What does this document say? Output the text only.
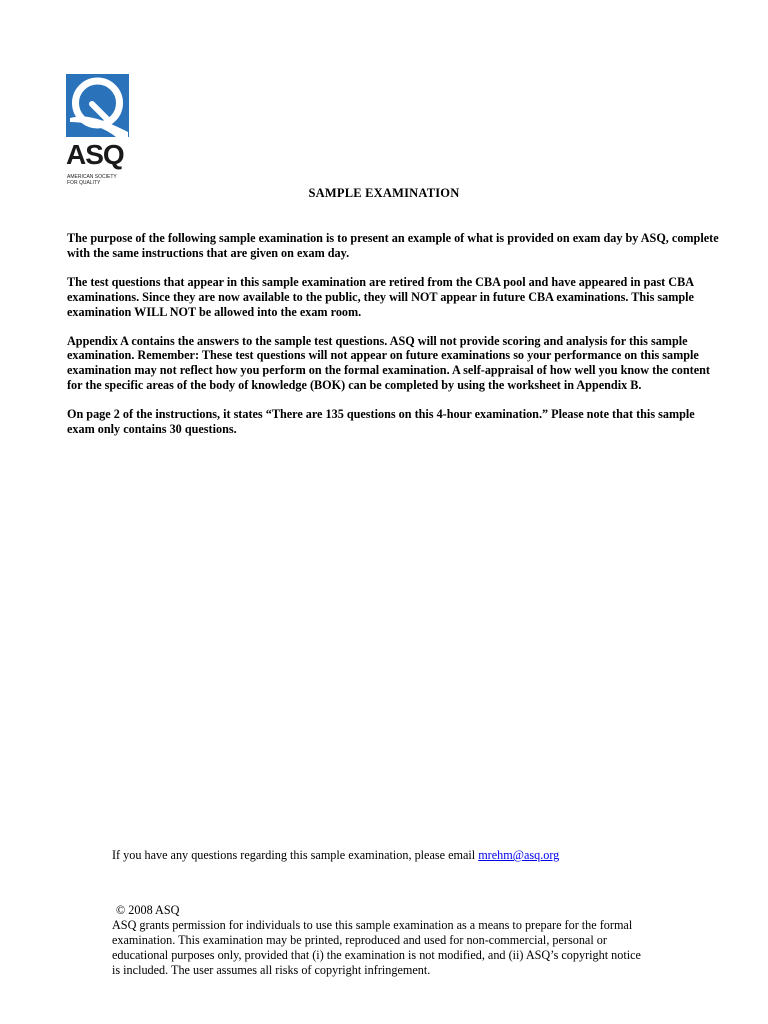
ASQ
AMERICAN SOCIETY FOR QUALITY
SAMPLE EXAMINATION

The purpose of the following sample examination is to present an example of what is provided on exam day by ASQ, complete with the same instructions that are given on exam day.

The test questions that appear in this sample examination are retired from the CBA pool and have appeared in past CBA examinations. Since they are now available to the public, they will NOT appear in future CBA examinations. This sample examination WILL NOT be allowed into the exam room.

Appendix A contains the answers to the sample test questions. ASQ will not provide scoring and analysis for this sample examination. Remember: These test questions will not appear on future examinations so your performance on this sample examination may not reflect how you perform on the formal examination. A self-appraisal of how well you know the content for the specific areas of the body of knowledge (BOK) can be completed by using the worksheet in Appendix B.

On page 2 of the instructions, it states “There are 135 questions on this 4-hour examination.” Please note that this sample exam only contains 30 questions.

If you have any questions regarding this sample examination, please email mrehm@asq.org
© 2008 ASQ
ASQ grants permission for individuals to use this sample examination as a means to prepare for the formal examination. This examination may be printed, reproduced and used for non-commercial, personal or educational purposes only, provided that (i) the examination is not modified, and (ii) ASQ’s copyright notice is included. The user assumes all risks of copyright infringement.
